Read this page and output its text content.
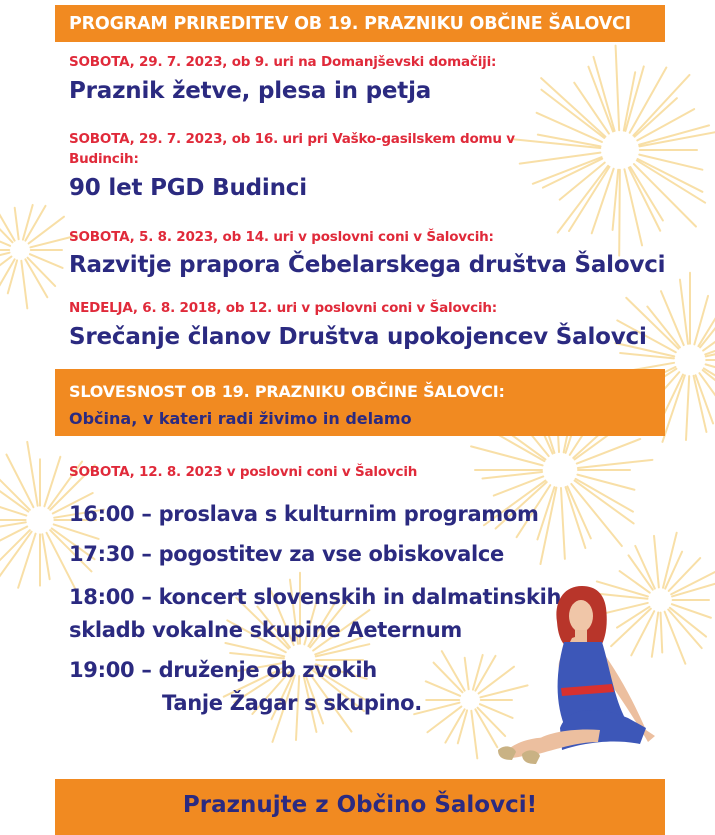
PROGRAM PRIREDITEV OB 19. PRAZNIKU OBČINE ŠALOVCI
SOBOTA, 29. 7. 2023, ob 9. uri na Domanjševski domačiji:
Praznik žetve, plesa in petja
SOBOTA, 29. 7. 2023, ob 16. uri pri Vaško-gasilskem domu v
Budincih:
90 let PGD Budinci
SOBOTA, 5. 8. 2023, ob 14. uri v poslovni coni v Šalovcih:
Razvitje prapora Čebelarskega društva Šalovci
NEDELJA, 6. 8. 2018, ob 12. uri v poslovni coni v Šalovcih:
Srečanje članov Društva upokojencev Šalovci
SLOVESNOST OB 19. PRAZNIKU OBČINE ŠALOVCI:
Občina, v kateri radi živimo in delamo
SOBOTA, 12. 8. 2023 v poslovni coni v Šalovcih
16:00 – proslava s kulturnim programom
17:30 – pogostitev za vse obiskovalce
18:00 – koncert slovenskih in dalmatinskih
skladb vokalne skupine Aeternum
19:00 – druženje ob zvokih
Tanje Žagar s skupino.
Praznujte z Občino Šalovci!
